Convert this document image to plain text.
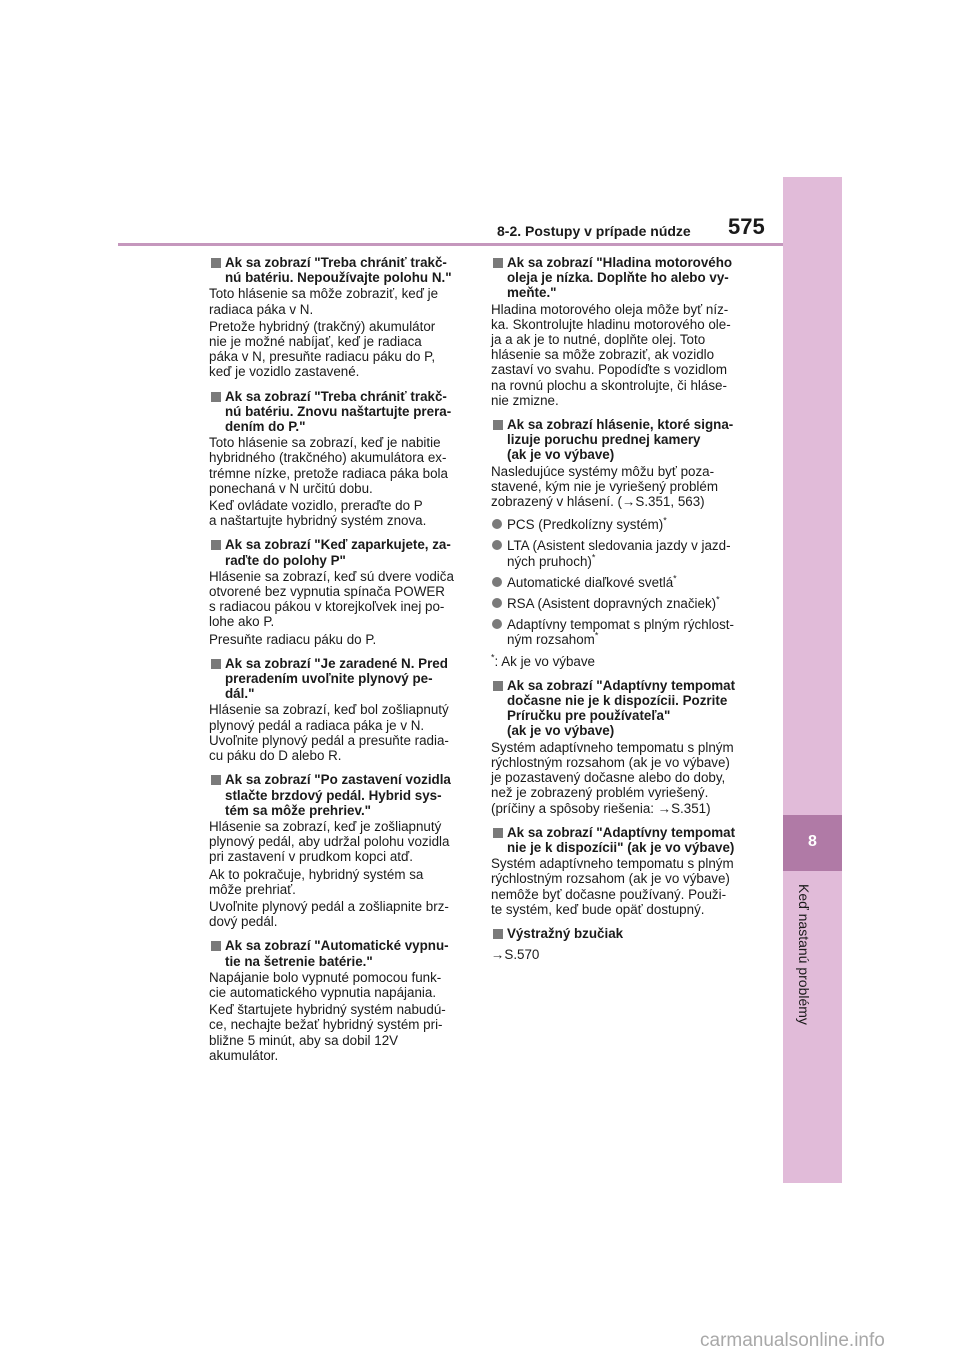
8
Keď nastanú problémy
8-2. Postupy v prípade núdze 575
Ak sa zobrazí "Treba chrániť trakč-
nú batériu. Nepoužívajte polohu N."
Toto hlásenie sa môže zobraziť, keď je
radiaca páka v N.
Pretože hybridný (trakčný) akumulátor
nie je možné nabíjať, keď je radiaca
páka v N, presuňte radiacu páku do P,
keď je vozidlo zastavené.
Ak sa zobrazí "Treba chrániť trakč-
nú batériu. Znovu naštartujte prera-
dením do P."
Toto hlásenie sa zobrazí, keď je nabitie
hybridného (trakčného) akumulátora ex-
trémne nízke, pretože radiaca páka bola
ponechaná v N určitú dobu.
Keď ovládate vozidlo, preraďte do P
a naštartujte hybridný systém znova.
Ak sa zobrazí "Keď zaparkujete, za-
raďte do polohy P"
Hlásenie sa zobrazí, keď sú dvere vodiča
otvorené bez vypnutia spínača POWER
s radiacou pákou v ktorejkoľvek inej po-
lohe ako P.
Presuňte radiacu páku do P.
Ak sa zobrazí "Je zaradené N. Pred
preradením uvoľnite plynový pe-
dál."
Hlásenie sa zobrazí, keď bol zošliapnutý
plynový pedál a radiaca páka je v N.
Uvoľnite plynový pedál a presuňte radia-
cu páku do D alebo R.
Ak sa zobrazí "Po zastavení vozidla
stlačte brzdový pedál. Hybrid sys-
tém sa môže prehriev."
Hlásenie sa zobrazí, keď je zošliapnutý
plynový pedál, aby udržal polohu vozidla
pri zastavení v prudkom kopci atď.
Ak to pokračuje, hybridný systém sa
môže prehriať.
Uvoľnite plynový pedál a zošliapnite brz-
dový pedál.
Ak sa zobrazí "Automatické vypnu-
tie na šetrenie batérie."
Napájanie bolo vypnuté pomocou funk-
cie automatického vypnutia napájania.
Keď štartujete hybridný systém nabudú-
ce, nechajte bežať hybridný systém pri-
bližne 5 minút, aby sa dobil 12V
akumulátor.
Ak sa zobrazí "Hladina motorového
oleja je nízka. Doplňte ho alebo vy-
meňte."
Hladina motorového oleja môže byť níz-
ka. Skontrolujte hladinu motorového ole-
ja a ak je to nutné, doplňte olej. Toto
hlásenie sa môže zobraziť, ak vozidlo
zastaví vo svahu. Popodíďte s vozidlom
na rovnú plochu a skontrolujte, či hláse-
nie zmizne.
Ak sa zobrazí hlásenie, ktoré signa-
lizuje poruchu prednej kamery
(ak je vo výbave)
Nasledujúce systémy môžu byť poza-
stavené, kým nie je vyriešený problém
zobrazený v hlásení. (→S.351, 563)
PCS (Predkolízny systém)*
LTA (Asistent sledovania jazdy v jazd-
ných pruhoch)*
Automatické diaľkové svetlá*
RSA (Asistent dopravných značiek)*
Adaptívny tempomat s plným rýchlost-
ným rozsahom*
*: Ak je vo výbave
Ak sa zobrazí "Adaptívny tempomat
dočasne nie je k dispozícii. Pozrite
Príručku pre používateľa"
(ak je vo výbave)
Systém adaptívneho tempomatu s plným
rýchlostným rozsahom (ak je vo výbave)
je pozastavený dočasne alebo do doby,
než je zobrazený problém vyriešený.
(príčiny a spôsoby riešenia: →S.351)
Ak sa zobrazí "Adaptívny tempomat
nie je k dispozícii" (ak je vo výbave)
Systém adaptívneho tempomatu s plným
rýchlostným rozsahom (ak je vo výbave)
nemôže byť dočasne používaný. Použi-
te systém, keď bude opäť dostupný.
Výstražný bzučiak
→S.570
carmanualsonline.info
